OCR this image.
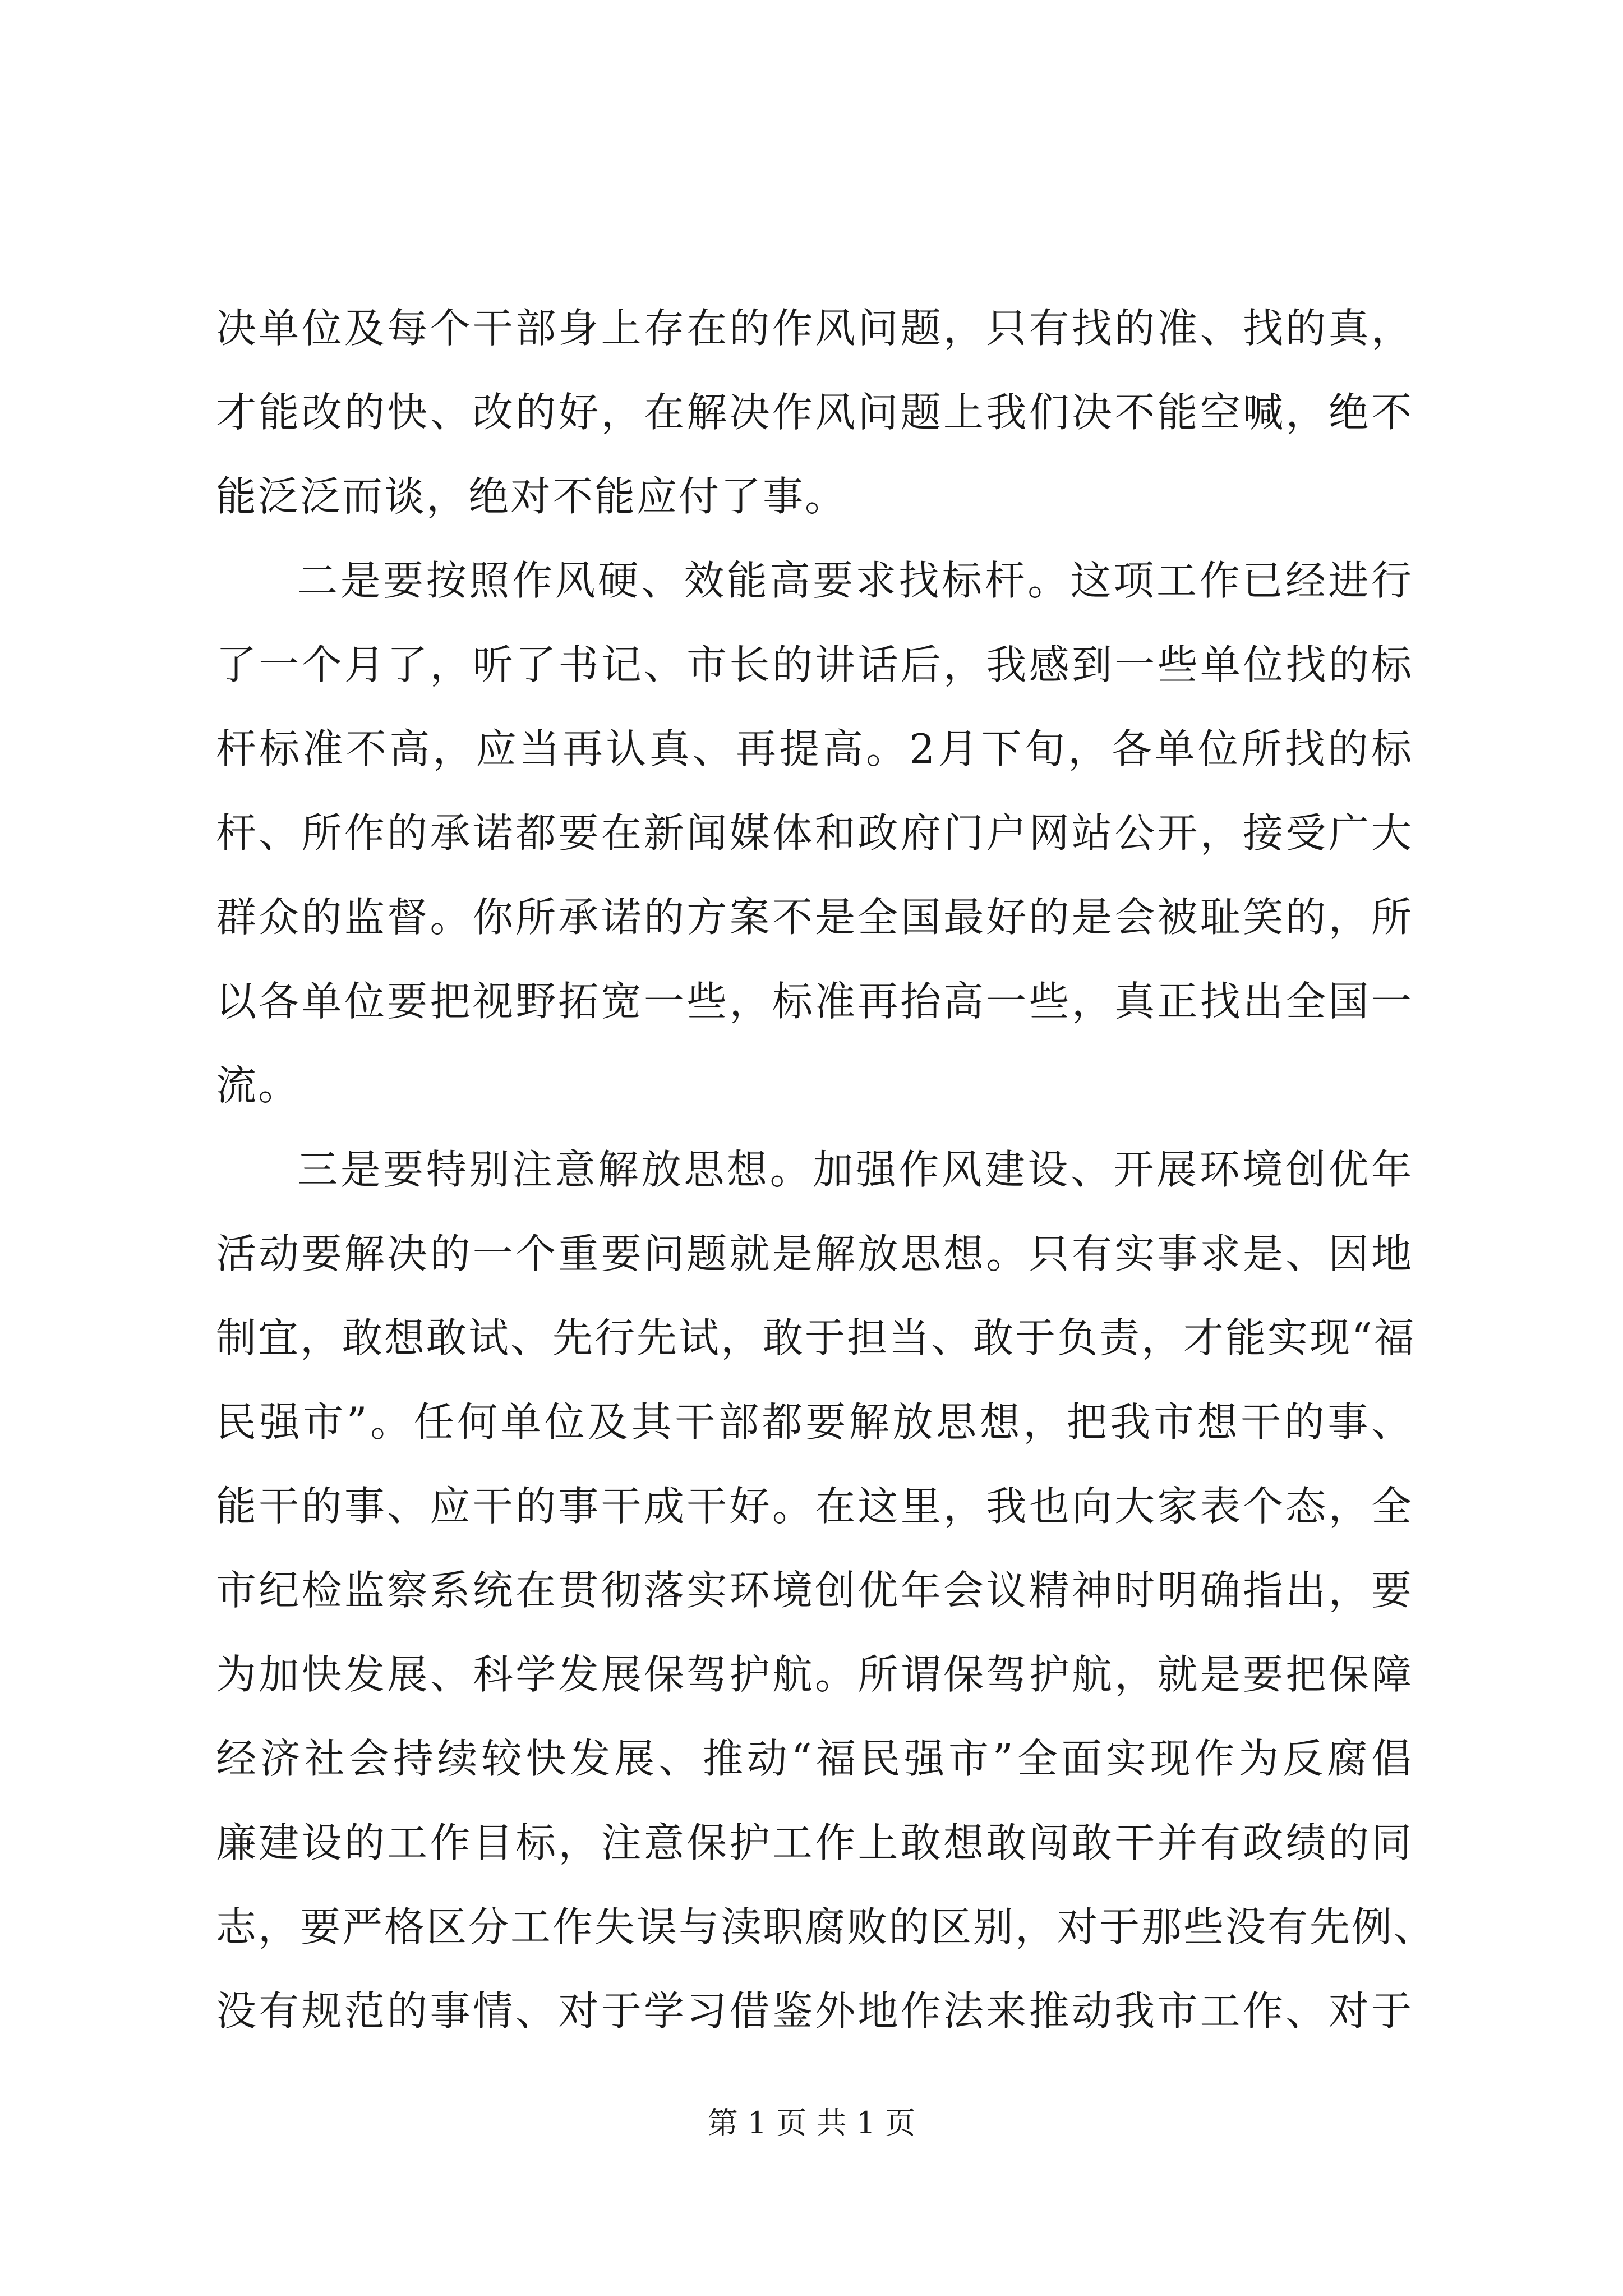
决单位及每个干部身上存在的作风问题，只有找的准、找的真，
才能改的快、改的好，在解决作风问题上我们决不能空喊，绝不
能泛泛而谈，绝对不能应付了事。
二是要按照作风硬、效能高要求找标杆。这项工作已经进行
了一个月了，听了书记、市长的讲话后，我感到一些单位找的标
杆标准不高，应当再认真、再提高。2月下旬，各单位所找的标
杆、所作的承诺都要在新闻媒体和政府门户网站公开，接受广大
群众的监督。你所承诺的方案不是全国最好的是会被耻笑的，所
以各单位要把视野拓宽一些，标准再抬高一些，真正找出全国一
流。
三是要特别注意解放思想。加强作风建设、开展环境创优年
活动要解决的一个重要问题就是解放思想。只有实事求是、因地
制宜，敢想敢试、先行先试，敢于担当、敢于负责，才能实现“福
民强市”。任何单位及其干部都要解放思想，把我市想干的事、
能干的事、应干的事干成干好。在这里，我也向大家表个态，全
市纪检监察系统在贯彻落实环境创优年会议精神时明确指出，要
为加快发展、科学发展保驾护航。所谓保驾护航，就是要把保障
经济社会持续较快发展、推动“福民强市”全面实现作为反腐倡
廉建设的工作目标，注意保护工作上敢想敢闯敢干并有政绩的同
志，要严格区分工作失误与渎职腐败的区别，对于那些没有先例、
没有规范的事情、对于学习借鉴外地作法来推动我市工作、对于
第 1 页 共 1 页
